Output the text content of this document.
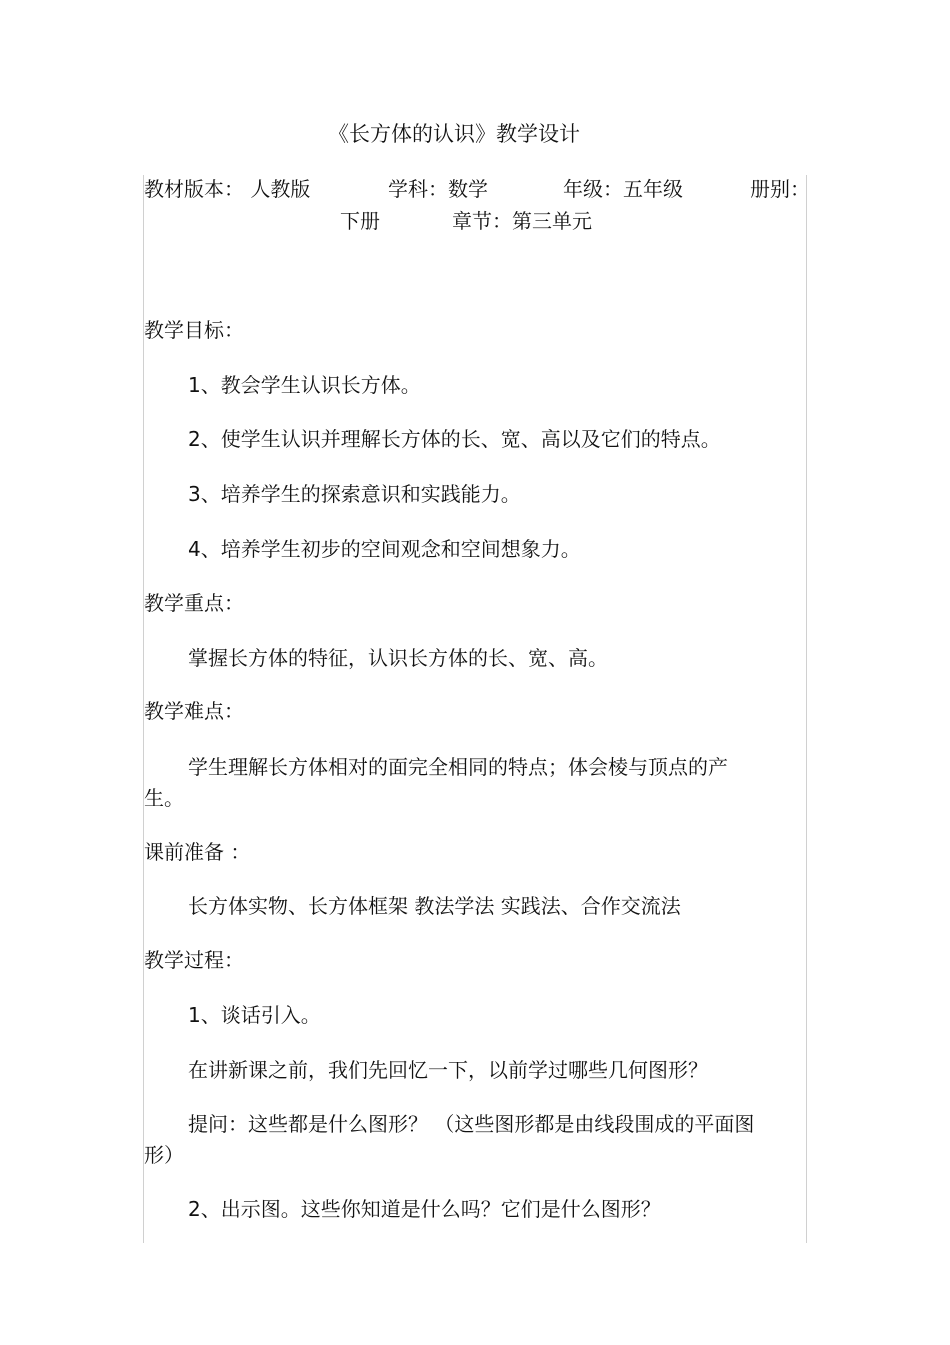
《长方体的认识》教学设计
教材版本： 人教版	学科：数学	年级：五年级	册别：
下册	章节：第三单元
教学目标：
1、教会学生认识长方体。
2、使学生认识并理解长方体的长、宽、高以及它们的特点。
3、培养学生的探索意识和实践能力。
4、培养学生初步的空间观念和空间想象力。
教学重点：
掌握长方体的特征，认识长方体的长、宽、高。
教学难点：
学生理解长方体相对的面完全相同的特点；体会棱与顶点的产
生。
课前准备 ：
长方体实物、长方体框架 教法学法 实践法、合作交流法
教学过程：
1、谈话引入。
在讲新课之前，我们先回忆一下，以前学过哪些几何图形？
提问：这些都是什么图形？ （这些图形都是由线段围成的平面图
形）
2、出示图。这些你知道是什么吗？它们是什么图形？
